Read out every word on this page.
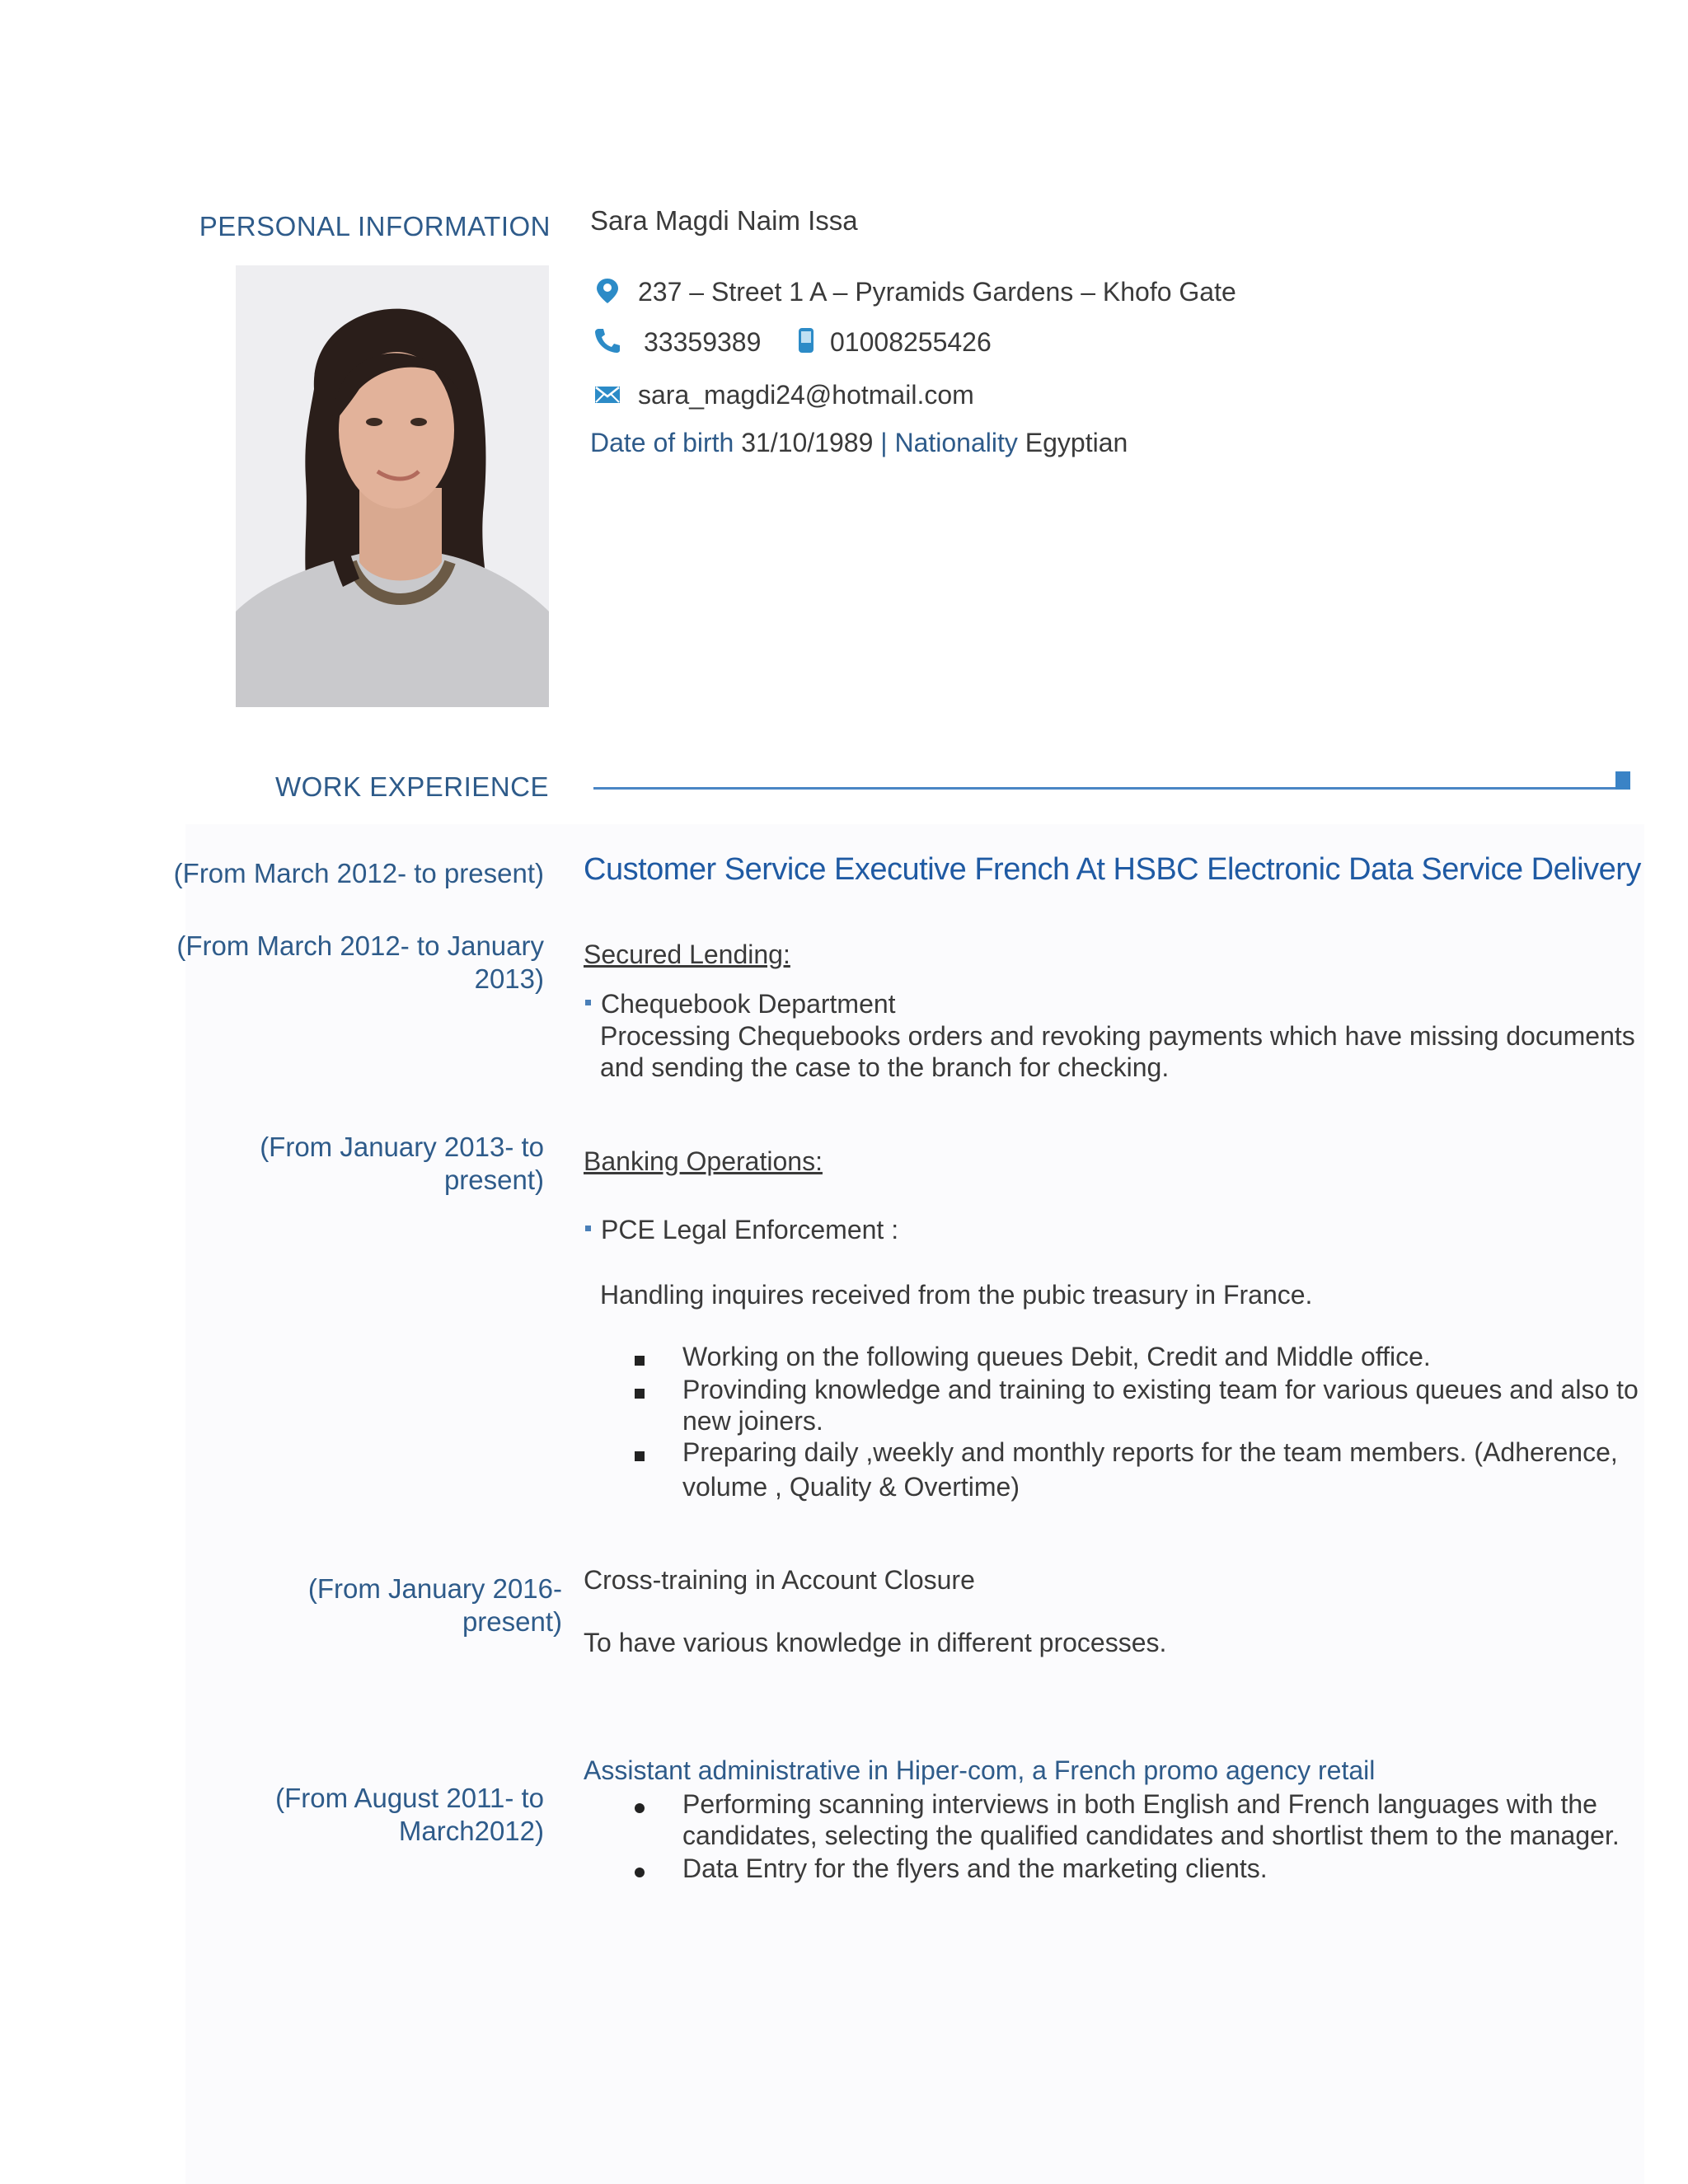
PERSONAL INFORMATION Sara Magdi Naim Issa
237 – Street 1 A – Pyramids Gardens – Khofo Gate
33359389	01008255426
sara_magdi24@hotmail.com
Date of birth 31/10/1989 | Nationality Egyptian
WORK EXPERIENCE
(From March 2012- to present) Customer Service Executive French At HSBC Electronic Data Service Delivery
(From March 2012- to January
2013)
Secured Lending:
Chequebook Department
Processing Chequebooks orders and revoking payments which have missing documents
and sending the case to the branch for checking.
(From January 2013- to
present)
Banking Operations:
PCE Legal Enforcement :
Handling inquires received from the pubic treasury in France.
Working on the following queues Debit, Credit and Middle office.
Provinding knowledge and training to existing team for various queues and also to
new joiners.
Preparing daily ,weekly and monthly reports for the team members. (Adherence,
volume , Quality & Overtime)
(From January 2016-
present)
Cross-training in Account Closure
To have various knowledge in different processes.
(From August 2011- to
March2012)
Assistant administrative in Hiper-com, a French promo agency retail
Performing scanning interviews in both English and French languages with the
candidates, selecting the qualified candidates and shortlist them to the manager.
Data Entry for the flyers and the marketing clients.
